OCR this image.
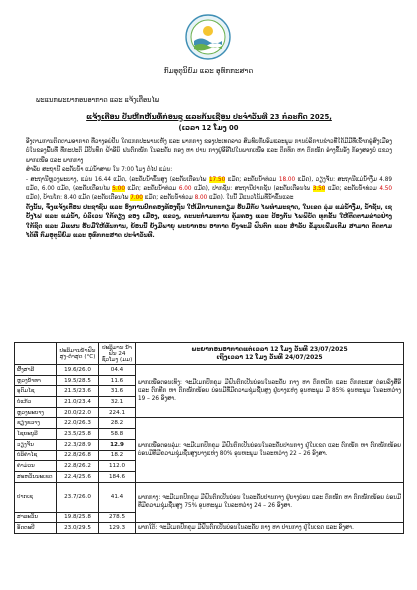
ກົມອຸຕຸນິຍົມ ແລະ ອຸທົກກະສາດ
ພະແນກພະຍາກອນອາກາດ ແລະ ແຈ້ງເຕືອນໄພ
ແຈ້ງເຕືອນ ປັນຫີກຫັນທໍ້ກ່ອນຊູ ແລະກ້ນເຊືອນ ປະຈຳວັນທີ 23 ກໍລະກົດ 2025,
(ເວລາ 12 ໂມງ 00

ອີງຕາມການຕິດຕາມອາກາດ ທີ່ວາງອຍ່ປັນ ໃດແກກປະພານເຫັງ ແລະ ພາກກາງ ຂອງປະເທດລາວ ສົມທົບກັບອົມແລະພູມ ການບໍລິການຂ່າວທີ່ໃດ້ມີມີທີ່ເຂົ້າກຣູ່ສົງເມືອງບໍ່ໃນຂອງພື້ນທີ່ ທີ່ກະປະຕິ ມີປັນທຶກ ຝ້າອີຍິ ຝນຕົກໜັກ ໃນລະດັບ ກອງ ຫາ ປານ ກາງຢູ່ອີອີໂປໃນພາກເໜືອ ແລະ ຕິກທິກ ຫາ ຕົກໜັກ ອໍາງຂຶ້ນອັງ ກ້ອງສອງບໍ່ ແຂວງພາກເໜືອ ແລະ ພາກກາງ

ສຳລັບ ສະຖານີ ລະດັບນ້ຳ ແມ່ນ້ຳສາຍ ໃນ 7:00 ໂມງ ຕໍ່ໄປ ແມ່ນ:

- ສະຖານີຫຼວງພະບາງ, ແມ່ນ 16.44 ແມັດ, (ລະດັບນ້ຳຂຶ້ນສູງ (ລະດັບເຕືອນໄພ 17.50 ແມັດ; ລະດັບນ້ຳທ່ວມ 18.00 ແມັດ), ວຽງຈັນ: ສະຖານີແມ່ນ້ຳງື່ມ 4.89 ແມັດ, 6.00 ແມັດ, (ລະດັບເຕືອນໄພ 5.00 ແມັດ; ລະດັບນ້ຳທ່ວມ 6.00 ແມັດ), ປາກຊັນ: ສະຖານີປາກຊັນ (ລະດັບເຕືອນໄພ 3.50 ແມັດ; ລະດັບນ້ຳທ່ວມ 4.50 ແມັດ), ບ້ານໂກ: 8.40 ແມັດ (ລະດັບເຕືອນໄພ 7.00 ແມັດ; ລະດັບນ້ຳທ່ວມ 8.00 ແມັດ). ໃນນີ້ ມີແນວໂນ້ມທີ່ນ້ຳຂຶ້ນແລະ

ດັ່ງນັ້ນ, ຈຶ່ງແຈ້ງເຕືອນ ປະຊາຊົນ ແລະ ອົງການປົກຄອງທ້ອງຖິ່ນ ໃຫ້ມີການກະກຽມ ຮັບມືກັບ ໄພທຳມະຊາດ, ໃນເຂດ ລຸ່ມ ແມ່ນ້ຳງື່ມ, ນ້ຳຊັນ, ເຊບັ້ງໄຟ ແລະ ແມ່ນ້ຳ, ບໍລິເວນ ໃກ້ຄຽງ ຂອງ ເມືອງ, ແຂວງ, ຄະນະກຳມະການ ຄຸ້ມຄອງ ແລະ ປ້ອງກັນ ໄພພິບັດ ທຸກຂັ້ນ ໃຫ້ຕິດຕາມຂ່າວຢ່າງໃກ້ຊິດ ແລະ ມີແຜນ ຮັບມືໃຫ້ທັນການ, ຍ້ອນນີ້ ຍັງມີພາຍຸ ພະຍາກອນ ອາກາດ ຍັງຈະມີ ຝົນຕົກ ແລະ ສຳລັບ ຂໍ້ມູນເພີ່ມເຕີມ ສາມາດ ຕິດຕາມ ໄດ້ທີ່ ກົມອຸຕຸນິຍົມ ແລະ ອຸທົກກະສາດ ປະຈຳວັນທີ.

	ປະລິມານນ້ຳຝົນ ສູງ-ຕ່ຳສຸດ (°C)	ປະລິມານ ນ້ຳຝົນ 24 ຊົ່ວໂມງ (ມມ)	ພະຍາກອນອາກາດແຕ່ເວລາ 12 ໂມງ ວັນທີ 23/07/2025
ເຖິງເວລາ 12 ໂມງ ວັນທີ 24/07/2025

ຜົ້ງສາລີ	19.6/26.0	04.4	ພາກເໜືອຕອນເທິງ: ຈະມີເມກປົກຄຸມ ມີຝົນຕົກເປັນບ່ອນໃນລະດັບ ກາງ ຫາ ຕົກຫນັກ ແລະ ຕົກກະແສ ຕ່ອນລົງສີ່ອີ ແລະ ຕົກທີກ ຫາ ຕົກໜັກໜ້ອຍ ບ່ອນມີທີ່ມີຄວາມຊຸ່ມຊື່ນສູງ ຢູ່ບາງແຫ່ງ ອຸນຫະພູມ ມີ 85% ອຸນຫະພູມ ໃນລະຫວ່າງ 19 – 26 ອົງສາ.
ຫຼວງນ້ຳທາ	19.5/28.5	11.6	
ອຸດົມໄຊ	21.5/23.6	31.6	
ບໍ່ແກ້ວ	21.0/23.4	32.1	
ຫຼວງພະບາງ	20.0/22.0	224.1	
ຊຽງຂວາງ	22.0/26.3	28.2	ພາກເໜືອຕອນລຸ່ມ: ຈະມີເມກປົກຄຸມ ມີຝົນຕົກເປັນບ່ອນໃນລະດັບປານກາງ ຢູ່ໃນເຂດ ແລະ ຕົກໜັກ ຫາ ຕົກໜັກໜ້ອຍ ບ່ອນມີທີ່ມີຄວາມຊຸ່ມຊື່ນສູງບາງແຫ່ງ 80% ອຸນຫະພູມ ໃນລະຫວ່າງ 22 – 26 ອົງສາ.
ໄຊຍະບູລີ	23.5/25.8	58.8	
ວຽງຈັນ	22.3/28.9	12.9	
ບໍລິຄຳໄຊ	22.8/26.8	18.2	
ຄຳມ່ວນ	22.8/26.2	112.0	
ສະຫວັນນະເຂດ	22.4/25.6	184.6	
ປາກເຊ	23.7/26.0	41.4	ພາກກາງ: ຈະມີເມກປົກຄຸມ ມີຝົນຕົກເປັນບ່ອນ ໃນລະດັບປານກາງ ຢູ່ບາງບ່ອນ ແລະ ຕົກໜັກ ຫາ ຕົກໜັກໜ້ອຍ ບ່ອນມີທີ່ມີຄວາມຊຸ່ມຊື່ນສູງ 75% ອຸນຫະພູມ ໃນລະຫວ່າງ 24 – 26 ອົງສາ.
ສາລະວັນ	19.8/25.8	278.5	
ອັດຕະປື	23.0/29.5	129.3	ພາກໃຕ້: ຈະມີເມກປົກຄຸມ ມີຝົນຕົກເປັນບ່ອນໃນລະດັບ ກາງ ຫາ ປານກາງ ຢູ່ໃນເຂດ ແລະ ອົງສາ.
